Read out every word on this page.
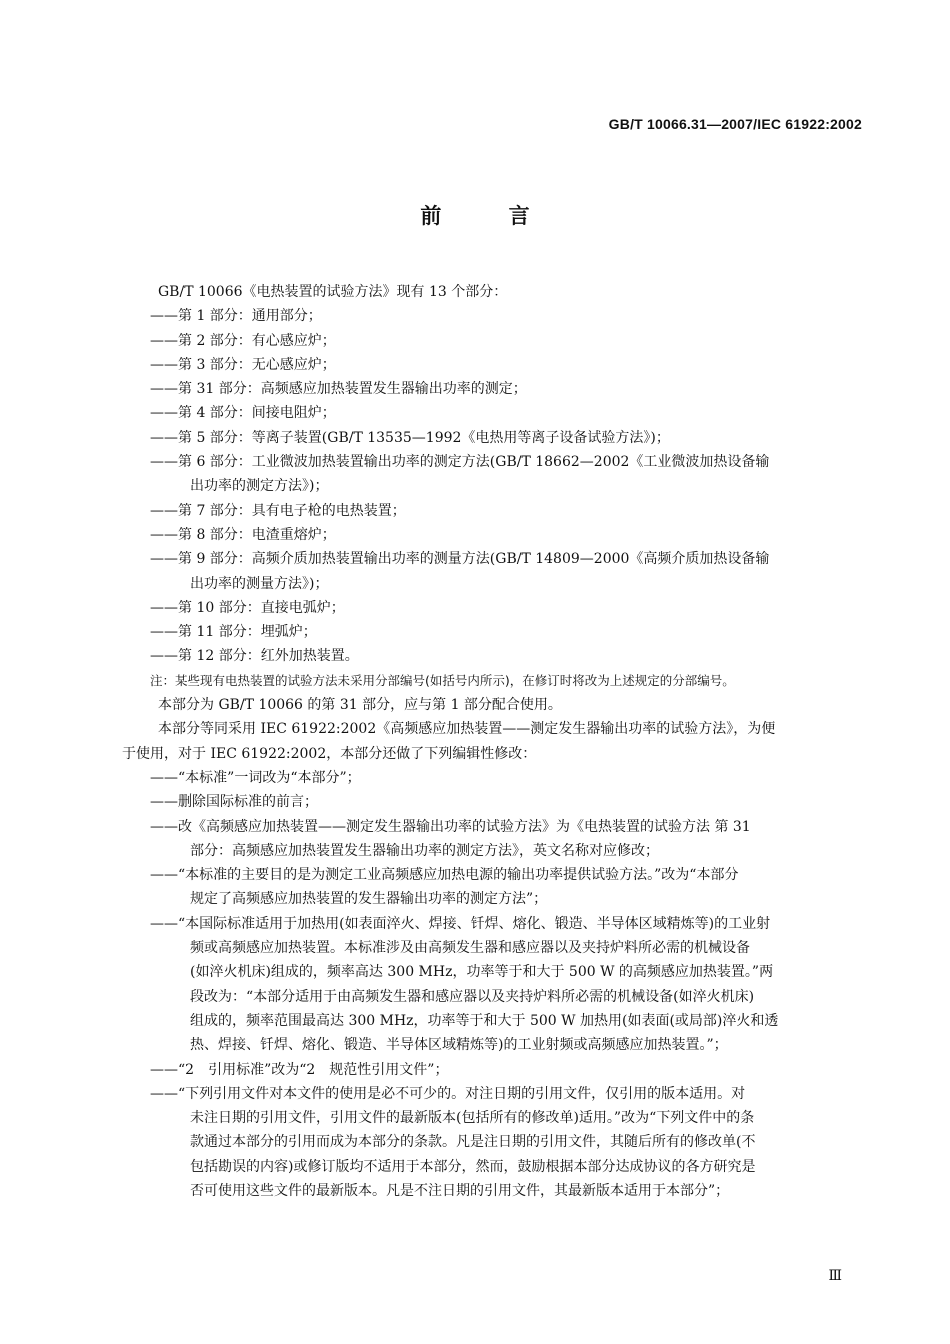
GB/T 10066.31—2007/IEC 61922:2002
前 言
GB/T 10066《电热装置的试验方法》现有 13 个部分：
——第 1 部分：通用部分；
——第 2 部分：有心感应炉；
——第 3 部分：无心感应炉；
——第 31 部分：高频感应加热装置发生器输出功率的测定；
——第 4 部分：间接电阻炉；
——第 5 部分：等离子装置(GB/T 13535—1992《电热用等离子设备试验方法》)；
——第 6 部分：工业微波加热装置输出功率的测定方法(GB/T 18662—2002《工业微波加热设备输
出功率的测定方法》)；
——第 7 部分：具有电子枪的电热装置；
——第 8 部分：电渣重熔炉；
——第 9 部分：高频介质加热装置输出功率的测量方法(GB/T 14809—2000《高频介质加热设备输
出功率的测量方法》)；
——第 10 部分：直接电弧炉；
——第 11 部分：埋弧炉；
——第 12 部分：红外加热装置。
注：某些现有电热装置的试验方法未采用分部编号(如括号内所示)，在修订时将改为上述规定的分部编号。
本部分为 GB/T 10066 的第 31 部分，应与第 1 部分配合使用。
本部分等同采用 IEC 61922:2002《高频感应加热装置——测定发生器输出功率的试验方法》，为便
于使用，对于 IEC 61922:2002，本部分还做了下列编辑性修改：
——“本标准”一词改为“本部分”；
——删除国际标准的前言；
——改《高频感应加热装置——测定发生器输出功率的试验方法》为《电热装置的试验方法 第 31
部分：高频感应加热装置发生器输出功率的测定方法》，英文名称对应修改；
——“本标准的主要目的是为测定工业高频感应加热电源的输出功率提供试验方法。”改为“本部分
规定了高频感应加热装置的发生器输出功率的测定方法”；
——“本国际标准适用于加热用(如表面淬火、焊接、钎焊、熔化、锻造、半导体区域精炼等)的工业射
频或高频感应加热装置。本标准涉及由高频发生器和感应器以及夹持炉料所必需的机械设备
(如淬火机床)组成的，频率高达 300 MHz，功率等于和大于 500 W 的高频感应加热装置。”两
段改为：“本部分适用于由高频发生器和感应器以及夹持炉料所必需的机械设备(如淬火机床)
组成的，频率范围最高达 300 MHz，功率等于和大于 500 W 加热用(如表面(或局部)淬火和透
热、焊接、钎焊、熔化、锻造、半导体区域精炼等)的工业射频或高频感应加热装置。”；
——“2　引用标准”改为“2　规范性引用文件”；
——“下列引用文件对本文件的使用是必不可少的。对注日期的引用文件，仅引用的版本适用。对
未注日期的引用文件，引用文件的最新版本(包括所有的修改单)适用。”改为“下列文件中的条
款通过本部分的引用而成为本部分的条款。凡是注日期的引用文件，其随后所有的修改单(不
包括勘误的内容)或修订版均不适用于本部分，然而，鼓励根据本部分达成协议的各方研究是
否可使用这些文件的最新版本。凡是不注日期的引用文件，其最新版本适用于本部分”；
Ⅲ
